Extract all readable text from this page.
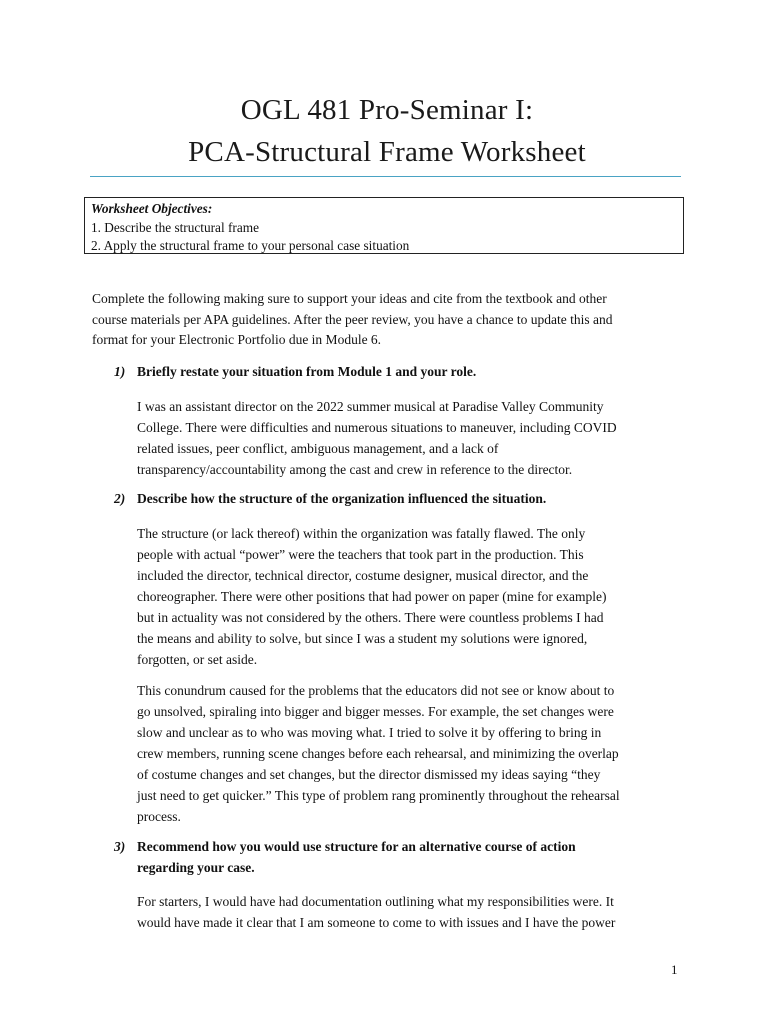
OGL 481 Pro-Seminar I:
PCA-Structural Frame Worksheet
Worksheet Objectives:
1. Describe the structural frame
2. Apply the structural frame to your personal case situation
Complete the following making sure to support your ideas and cite from the textbook and other
course materials per APA guidelines. After the peer review, you have a chance to update this and
format for your Electronic Portfolio due in Module 6.
1) Briefly restate your situation from Module 1 and your role.
I was an assistant director on the 2022 summer musical at Paradise Valley Community
College. There were difficulties and numerous situations to maneuver, including COVID
related issues, peer conflict, ambiguous management, and a lack of
transparency/accountability among the cast and crew in reference to the director.
2) Describe how the structure of the organization influenced the situation.
The structure (or lack thereof) within the organization was fatally flawed. The only
people with actual “power” were the teachers that took part in the production. This
included the director, technical director, costume designer, musical director, and the
choreographer. There were other positions that had power on paper (mine for example)
but in actuality was not considered by the others. There were countless problems I had
the means and ability to solve, but since I was a student my solutions were ignored,
forgotten, or set aside.
This conundrum caused for the problems that the educators did not see or know about to
go unsolved, spiraling into bigger and bigger messes. For example, the set changes were
slow and unclear as to who was moving what. I tried to solve it by offering to bring in
crew members, running scene changes before each rehearsal, and minimizing the overlap
of costume changes and set changes, but the director dismissed my ideas saying “they
just need to get quicker.” This type of problem rang prominently throughout the rehearsal
process.
3) Recommend how you would use structure for an alternative course of action
regarding your case.
For starters, I would have had documentation outlining what my responsibilities were. It
would have made it clear that I am someone to come to with issues and I have the power
1
